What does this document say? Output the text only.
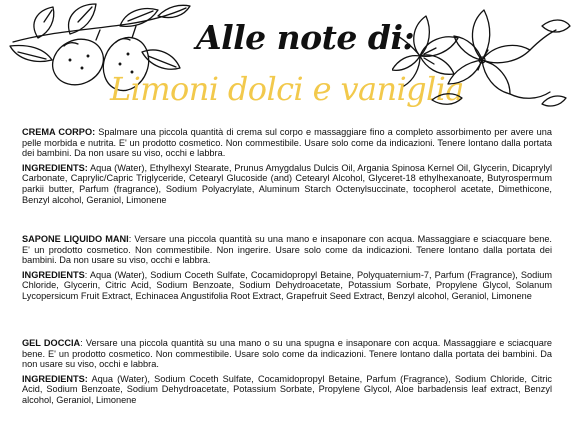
Alle note di:
Limoni dolci e vaniglia

CREMA CORPO: Spalmare una piccola quantità di crema sul corpo e massaggiare fino a completo assorbimento per avere una pelle morbida e nutrita. E' un prodotto cosmetico. Non commestibile. Usare solo come da indicazioni. Tenere lontano dalla portata dei bambini. Da non usare su viso, occhi e labbra.

INGREDIENTS: Aqua (Water), Ethylhexyl Stearate, Prunus Amygdalus Dulcis Oil, Argania Spinosa Kernel Oil, Glycerin, Dicaprylyl Carbonate, Caprylic/Capric Triglyceride, Cetearyl Glucoside (and) Cetearyl Alcohol, Glyceret-18 ethylhexanoate, Butyrospermum parkii butter, Parfum (fragrance), Sodium Polyacrylate, Aluminum Starch Octenylsuccinate, tocopherol acetate, Dimethicone, Benzyl alcohol, Geraniol, Limonene

SAPONE LIQUIDO MANI: Versare una piccola quantità su una mano e insaponare con acqua. Massaggiare e sciacquare bene. E' un prodotto cosmetico. Non commestibile. Non ingerire. Usare solo come da indicazioni. Tenere lontano dalla portata dei bambini. Da non usare su viso, occhi e labbra.

INGREDIENTS: Aqua (Water), Sodium Coceth Sulfate, Cocamidopropyl Betaine, Polyquaternium-7, Parfum (Fragrance), Sodium Chloride, Glycerin, Citric Acid, Sodium Benzoate, Sodium Dehydroacetate, Potassium Sorbate, Propylene Glycol, Solanum Lycopersicum Fruit Extract, Echinacea Angustifolia Root Extract, Grapefruit Seed Extract, Benzyl alcohol, Geraniol, Limonene

GEL DOCCIA: Versare una piccola quantità su una mano o su una spugna e insaponare con acqua. Massaggiare e sciacquare bene. E' un prodotto cosmetico. Non commestibile. Usare solo come da indicazioni. Tenere lontano dalla portata dei bambini. Da non usare su viso, occhi e labbra.

INGREDIENTS: Aqua (Water), Sodium Coceth Sulfate, Cocamidopropyl Betaine, Parfum (Fragrance), Sodium Chloride, Citric Acid, Sodium Benzoate, Sodium Dehydroacetate, Potassium Sorbate, Propylene Glycol, Aloe barbadensis leaf extract, Benzyl alcohol, Geraniol, Limonene
